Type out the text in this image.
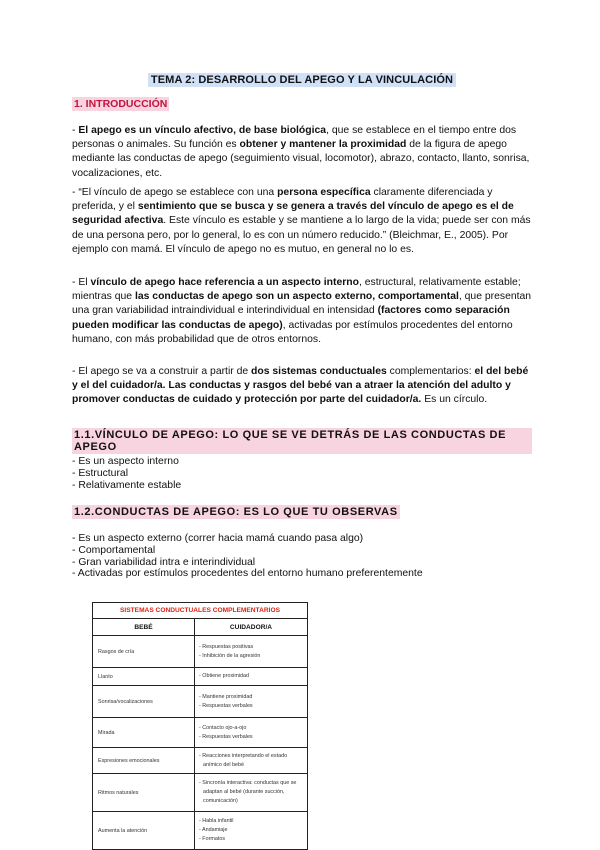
TEMA 2: DESARROLLO DEL APEGO Y LA VINCULACIÓN
1. INTRODUCCIÓN
- El apego es un vínculo afectivo, de base biológica, que se establece en el tiempo entre dos personas o animales. Su función es obtener y mantener la proximidad de la figura de apego mediante las conductas de apego (seguimiento visual, locomotor), abrazo, contacto, llanto, sonrisa, vocalizaciones, etc.
- “El vínculo de apego se establece con una persona específica claramente diferenciada y preferida, y el sentimiento que se busca y se genera a través del vínculo de apego es el de seguridad afectiva. Este vínculo es estable y se mantiene a lo largo de la vida; puede ser con más de una persona pero, por lo general, lo es con un número reducido.” (Bleichmar, E., 2005). Por ejemplo con mamá. El vínculo de apego no es mutuo, en general no lo es.
- El vínculo de apego hace referencia a un aspecto interno, estructural, relativamente estable; mientras que las conductas de apego son un aspecto externo, comportamental, que presentan una gran variabilidad intraindividual e interindividual en intensidad (factores como separación pueden modificar las conductas de apego), activadas por estímulos procedentes del entorno humano, con más probabilidad que de otros entornos.
- El apego se va a construir a partir de dos sistemas conductuales complementarios: el del bebé y el del cuidador/a. Las conductas y rasgos del bebé van a atraer la atención del adulto y promover conductas de cuidado y protección por parte del cuidador/a. Es un círculo.
1.1.VÍNCULO DE APEGO: LO QUE SE VE DETRÁS DE LAS CONDUCTAS DE APEGO
- Es un aspecto interno
- Estructural
- Relativamente estable
1.2.CONDUCTAS DE APEGO: ES LO QUE TU OBSERVAS
- Es un aspecto externo (correr hacia mamá cuando pasa algo)
- Comportamental
- Gran variabilidad intra e interindividual
- Activadas por estímulos procedentes del entorno humano preferentemente
SISTEMAS CONDUCTUALES COMPLEMENTARIOS	
BEBÉ	CUIDADOR/A
Rasgos de cría	- Respuestas positivas
- Inhibición de la agresión

Llanto	- Obtiene proximidad

Sonrisa/vocalizaciones	- Mantiene proximidad
- Respuestas verbales

Mirada	- Contacto ojo-a-ojo
- Respuestas verbales

Expresiones emocionales	- Reacciones interpretando el estado
anímico del bebé

Ritmos naturales	- Sincronía interactiva: conductas que se
adaptan al bebé (durante succión,
comunicación)

Aumenta la atención	- Habla infantil
- Andamiaje
- Formatos
